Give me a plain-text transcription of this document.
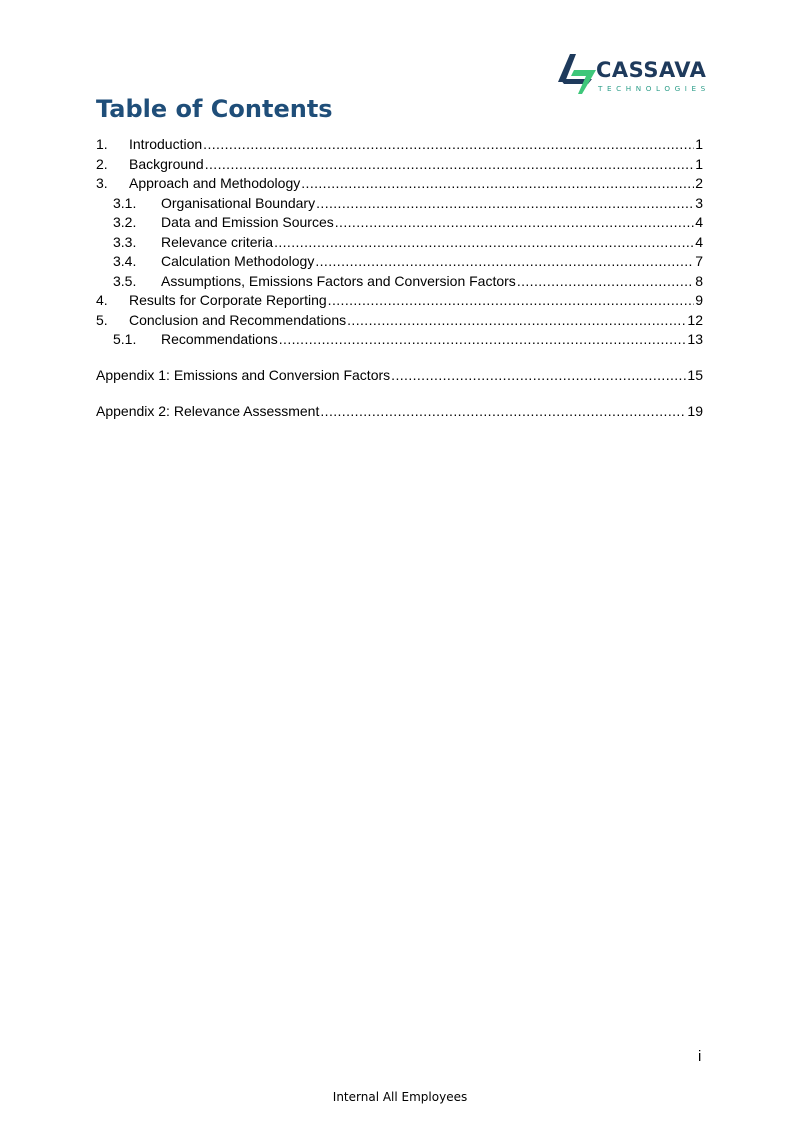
CASSAVA
TECHNOLOGIES
Table of Contents
1.	Introduction .....	1
2.	Background .....	1
3.	Approach and Methodology .....	2
3.1.	Organisational Boundary .....	3
3.2.	Data and Emission Sources .....	4
3.3.	Relevance criteria .....	4
3.4.	Calculation Methodology .....	7
3.5.	Assumptions, Emissions Factors and Conversion Factors .....	8
4.	Results for Corporate Reporting .....	9
5.	Conclusion and Recommendations .....	12
5.1.	Recommendations .....	13
Appendix 1: Emissions and Conversion Factors .....	15
Appendix 2: Relevance Assessment .....	19
i
Internal All Employees
